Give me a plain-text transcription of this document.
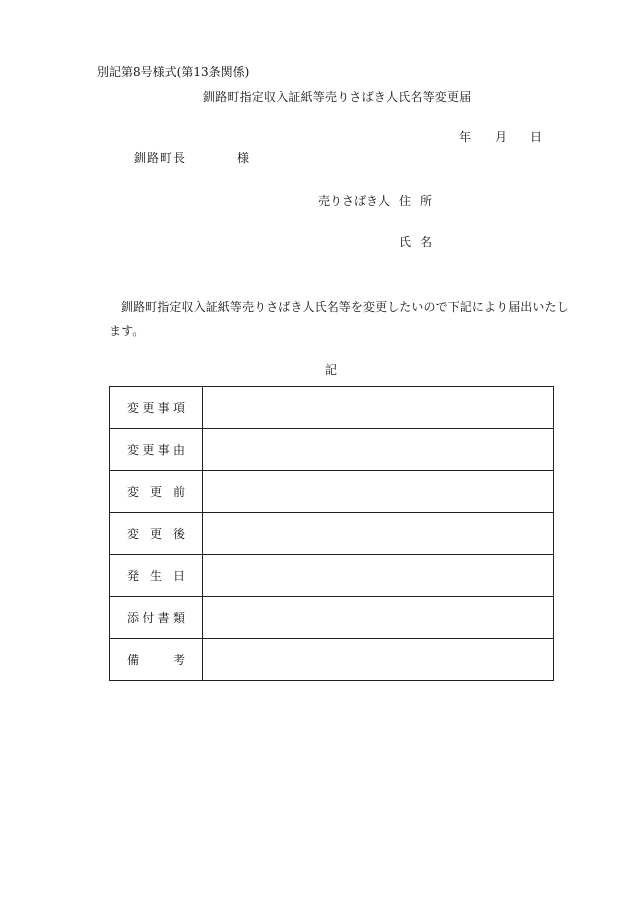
別記第8号様式(第13条関係)
釧路町指定収入証紙等売りさばき人氏名等変更届
年 月 日
釧路町長	様
売りさばき人 住所
氏名
釧路町指定収入証紙等売りさばき人氏名等を変更したいので下記により届出いたします。
記
変更事項	
変更事由	
変更前	
変更後	
発生日	
添付書類	
備考	
